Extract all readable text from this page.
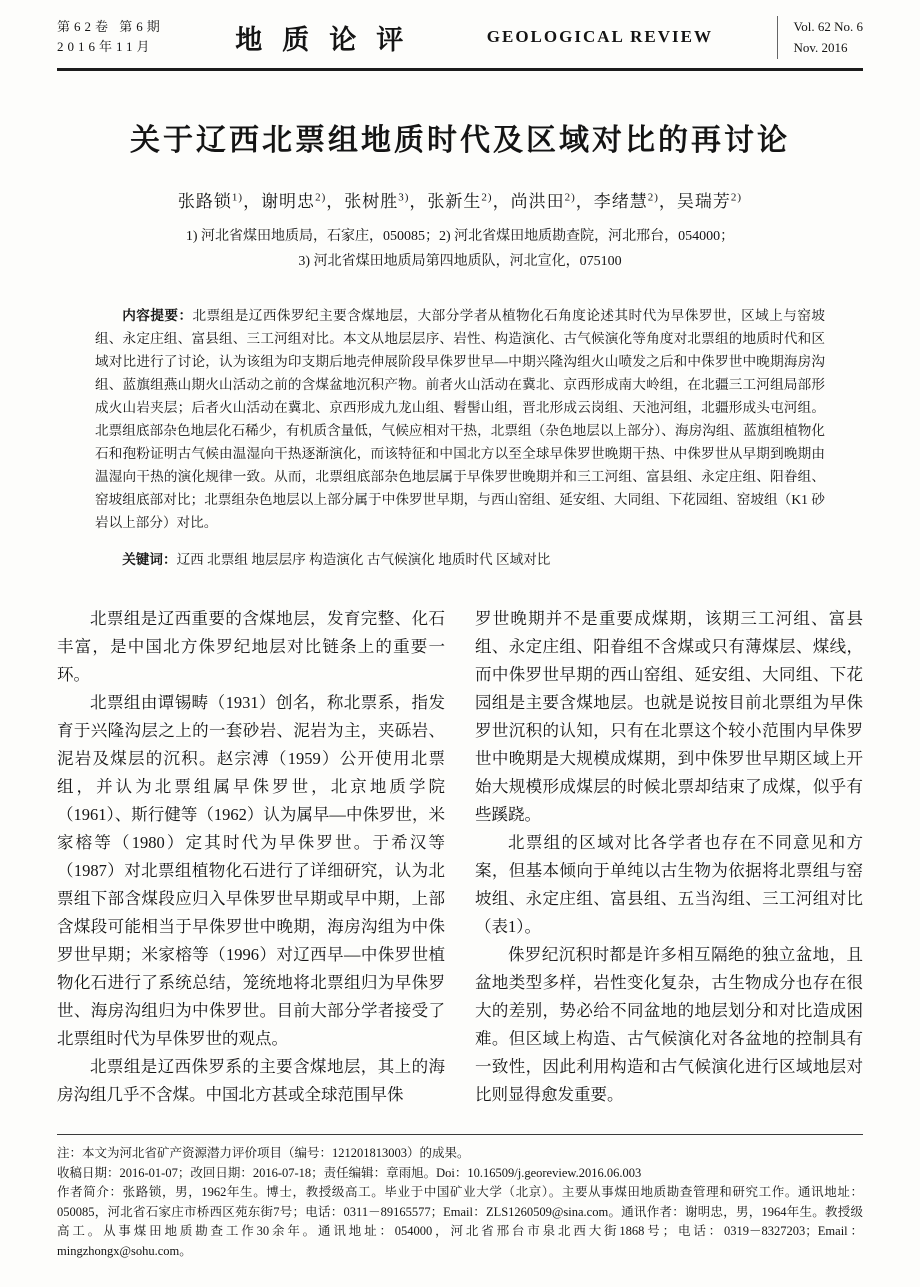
第62卷 第6期
2016年11月	地质论评	GEOLOGICAL REVIEW
Vol. 62 No. 6
Nov. 2016
关于辽西北票组地质时代及区域对比的再讨论
张路锁$^{1)}$，谢明忠$^{2)}$，张树胜$^{3)}$，张新生$^{2)}$，尚洪田$^{2)}$，李绪慧$^{2)}$，吴瑞芳$^{2)}$

1) 河北省煤田地质局，石家庄，050085；2) 河北省煤田地质勘查院，河北邢台，054000；

3) 河北省煤田地质局第四地质队，河北宣化，075100

内容提要：北票组是辽西侏罗纪主要含煤地层，大部分学者从植物化石角度论述其时代为早侏罗世，区域上与窑坡组、永定庄组、富县组、三工河组对比。本文从地层层序、岩性、构造演化、古气候演化等角度对北票组的地质时代和区域对比进行了讨论，认为该组为印支期后地壳伸展阶段早侏罗世早—中期兴隆沟组火山喷发之后和中侏罗世中晚期海房沟组、蓝旗组燕山期火山活动之前的含煤盆地沉积产物。前者火山活动在冀北、京西形成南大岭组，在北疆三工河组局部形成火山岩夹层；后者火山活动在冀北、京西形成九龙山组、髫髻山组，晋北形成云岗组、天池河组，北疆形成头屯河组。北票组底部杂色地层化石稀少，有机质含量低，气候应相对干热，北票组（杂色地层以上部分）、海房沟组、蓝旗组植物化石和孢粉证明古气候由温湿向干热逐渐演化，而该特征和中国北方以至全球早侏罗世晚期干热、中侏罗世从早期到晚期由温湿向干热的演化规律一致。从而，北票组底部杂色地层属于早侏罗世晚期并和三工河组、富县组、永定庄组、阳眷组、窑坡组底部对比；北票组杂色地层以上部分属于中侏罗世早期，与西山窑组、延安组、大同组、下花园组、窑坡组（K1 砂岩以上部分）对比。

关键词：辽西 北票组 地层层序 构造演化 古气候演化 地质时代 区域对比

北票组是辽西重要的含煤地层，发育完整、化石丰富，是中国北方侏罗纪地层对比链条上的重要一环。

北票组由谭锡畴（1931）创名，称北票系，指发育于兴隆沟层之上的一套砂岩、泥岩为主，夹砾岩、泥岩及煤层的沉积。赵宗溥（1959）公开使用北票组，并认为北票组属早侏罗世，北京地质学院（1961）、斯行健等（1962）认为属早—中侏罗世，米家榕等（1980）定其时代为早侏罗世。于希汉等（1987）对北票组植物化石进行了详细研究，认为北票组下部含煤段应归入早侏罗世早期或早中期，上部含煤段可能相当于早侏罗世中晚期，海房沟组为中侏罗世早期；米家榕等（1996）对辽西早—中侏罗世植物化石进行了系统总结，笼统地将北票组归为早侏罗世、海房沟组归为中侏罗世。目前大部分学者接受了北票组时代为早侏罗世的观点。

北票组是辽西侏罗系的主要含煤地层，其上的海房沟组几乎不含煤。中国北方甚或全球范围早侏

罗世晚期并不是重要成煤期，该期三工河组、富县组、永定庄组、阳眷组不含煤或只有薄煤层、煤线，而中侏罗世早期的西山窑组、延安组、大同组、下花园组是主要含煤地层。也就是说按目前北票组为早侏罗世沉积的认知，只有在北票这个较小范围内早侏罗世中晚期是大规模成煤期，到中侏罗世早期区域上开始大规模形成煤层的时候北票却结束了成煤，似乎有些蹊跷。

北票组的区域对比各学者也存在不同意见和方案，但基本倾向于单纯以古生物为依据将北票组与窑坡组、永定庄组、富县组、五当沟组、三工河组对比（表1）。

侏罗纪沉积时都是许多相互隔绝的独立盆地，且盆地类型多样，岩性变化复杂，古生物成分也存在很大的差别，势必给不同盆地的地层划分和对比造成困难。但区域上构造、古气候演化对各盆地的控制具有一致性，因此利用构造和古气候演化进行区域地层对比则显得愈发重要。

注：本文为河北省矿产资源潜力评价项目（编号：121201813003）的成果。

收稿日期：2016-01-07；改回日期：2016-07-18；责任编辑：章雨旭。Doi：10.16509/j.georeview.2016.06.003

作者简介：张路锁，男，1962年生。博士，教授级高工。毕业于中国矿业大学（北京）。主要从事煤田地质勘查管理和研究工作。通讯地址：050085，河北省石家庄市桥西区苑东街7号；电话：0311－89165577；Email：ZLS1260509@sina.com。通讯作者：谢明忠，男，1964年生。教授级高工。从事煤田地质勘查工作30余年。通讯地址：054000，河北省邢台市泉北西大街1868号；电话：0319－8327203；Email：mingzhongx@sohu.com。
